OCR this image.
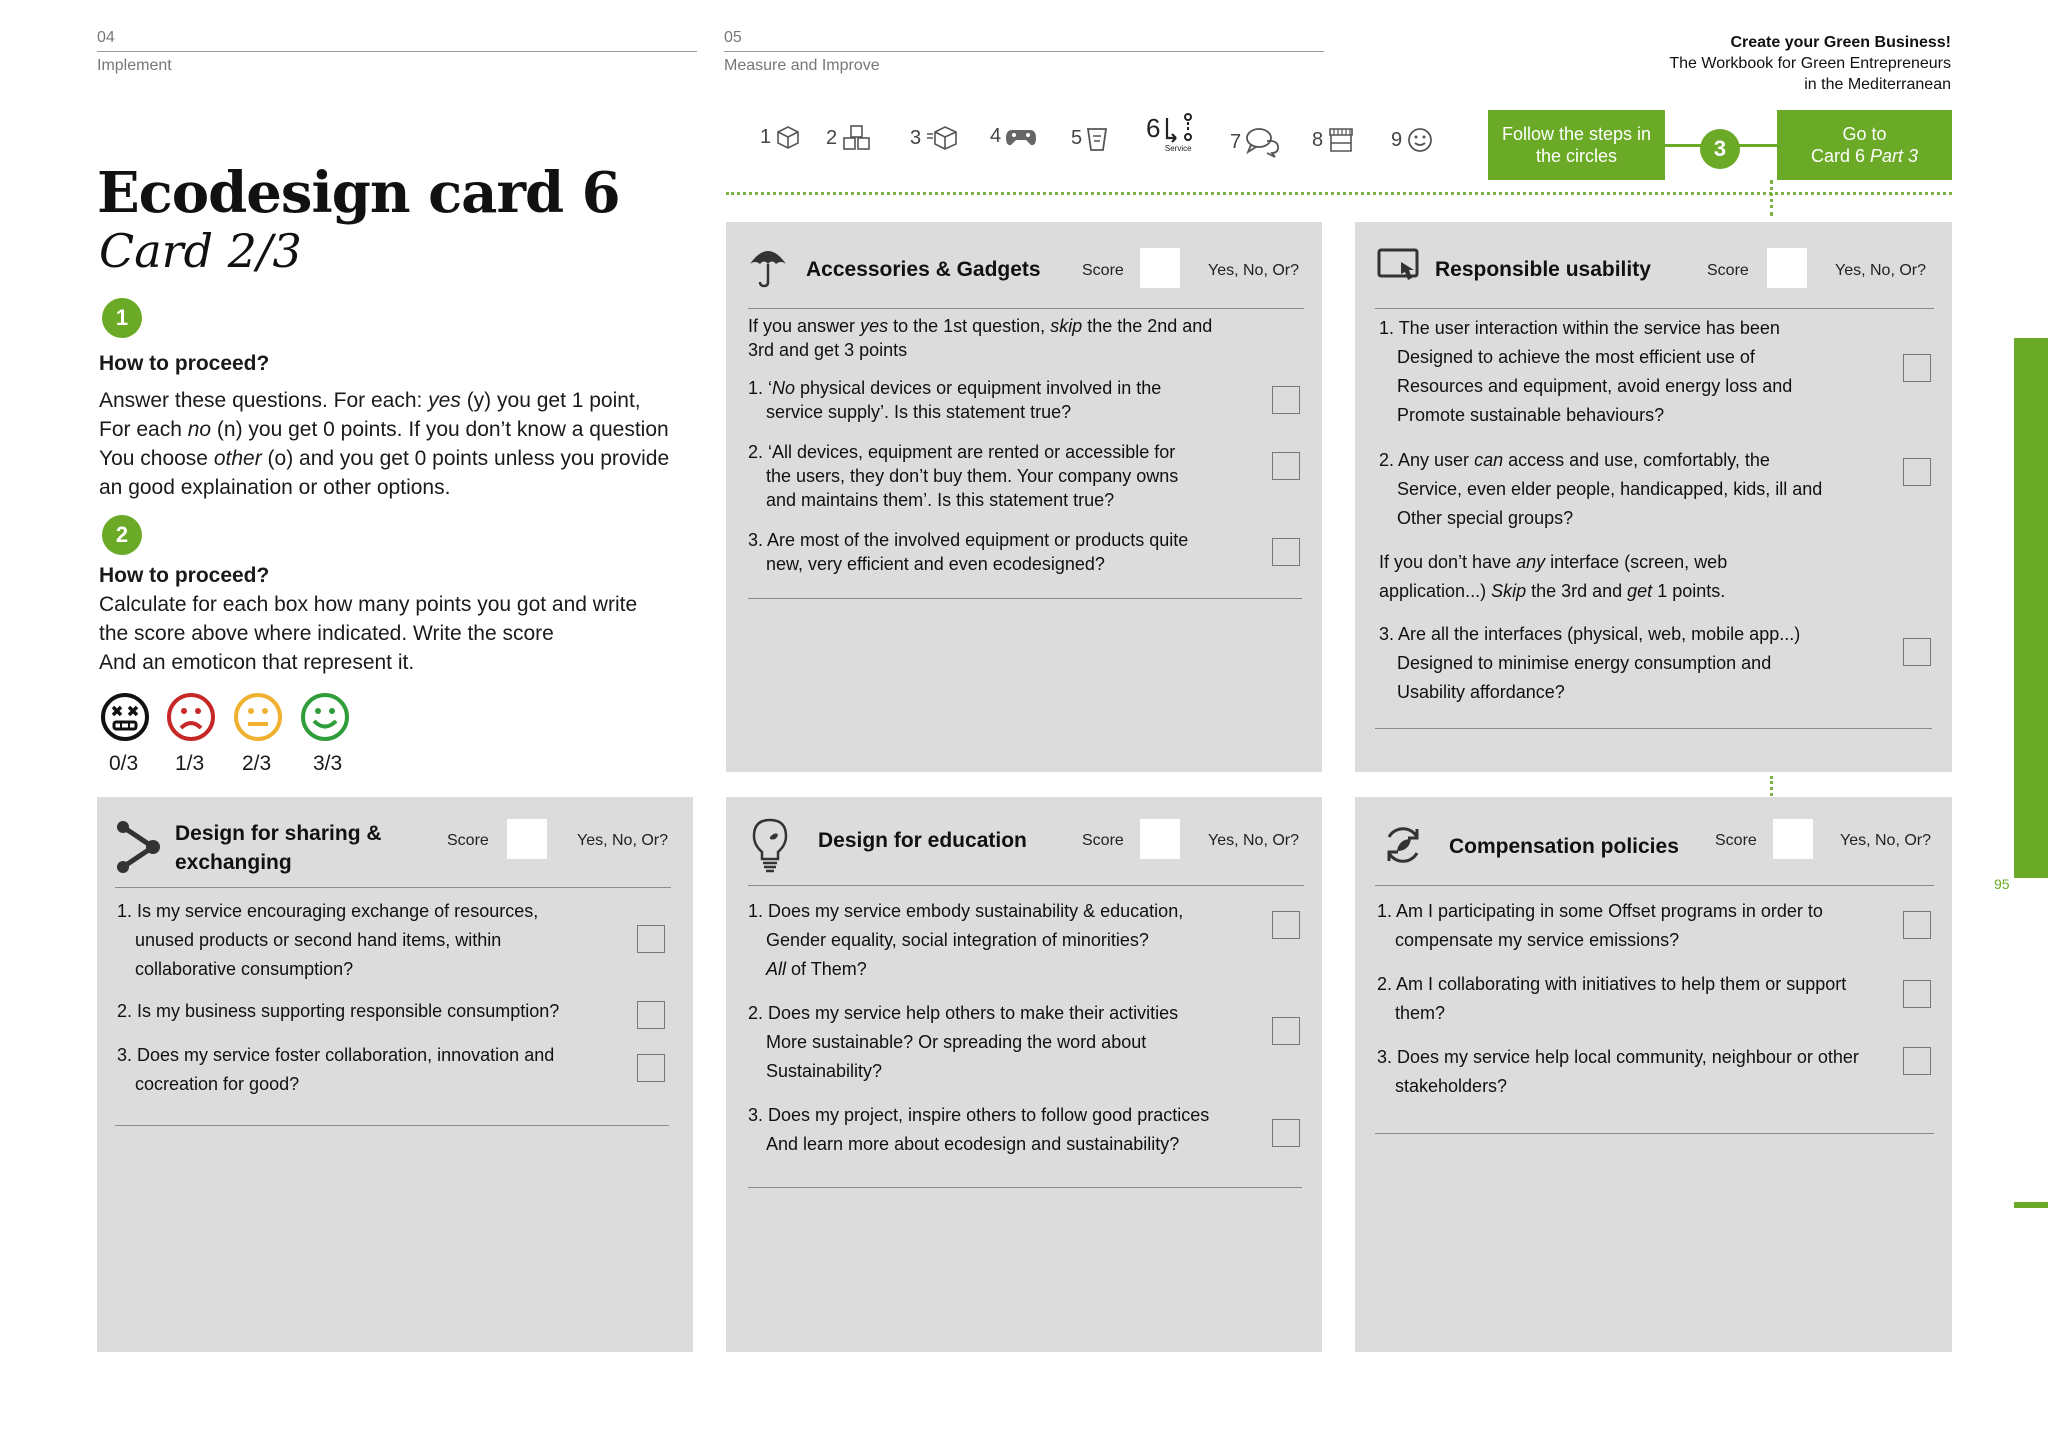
04
Implement
05
Measure and Improve
Create your Green Business!
The Workbook for Green Entrepreneurs
in the Mediterranean
1	2	3	4	5 6
Service 7	8	9	Follow the steps in
the circles	3
Go to
Card 6 Part 3
Ecodesign card 6
Card 2/3
1
How to proceed?
Answer these questions. For each: yes (y) you get 1 point,
For each no (n) you get 0 points. If you don’t know a question
You choose other (o) and you get 0 points unless you provide
an good explaination or other options.
2
How to proceed?
Calculate for each box how many points you got and write
the score above where indicated. Write the score
And an emoticon that represent it.
0/3 1/3 2/3 3/3
Accessories & Gadgets	Score	Yes, No, Or?
If you answer yes to the 1st question, skip the the 2nd and
3rd and get 3 points
1. ‘No physical devices or equipment involved in the
service supply’. Is this statement true?
2. ‘All devices, equipment are rented or accessible for
the users, they don’t buy them. Your company owns
and maintains them’. Is this statement true?
3. Are most of the involved equipment or products quite
new, very efficient and even ecodesigned?
Responsible usability	Score	Yes, No, Or?
1. The user interaction within the service has been
Designed to achieve the most efficient use of
Resources and equipment, avoid energy loss and
Promote sustainable behaviours?
2. Any user can access and use, comfortably, the
Service, even elder people, handicapped, kids, ill and
Other special groups?
If you don’t have any interface (screen, web
application...) Skip the 3rd and get 1 points.
3. Are all the interfaces (physical, web, mobile app...)
Designed to minimise energy consumption and
Usability affordance?
Design for sharing &
exchanging
Score	Yes, No, Or?
1. Is my service encouraging exchange of resources,
unused products or second hand items, within
collaborative consumption?
2. Is my business supporting responsible consumption?
3. Does my service foster collaboration, innovation and
cocreation for good?
Design for education	Score	Yes, No, Or?
1. Does my service embody sustainability & education,
Gender equality, social integration of minorities?
All of Them?
2. Does my service help others to make their activities
More sustainable? Or spreading the word about
Sustainability?
3. Does my project, inspire others to follow good practices
And learn more about ecodesign and sustainability?
Compensation policies Score	Yes, No, Or?
1. Am I participating in some Offset programs in order to
compensate my service emissions?
2. Am I collaborating with initiatives to help them or support
them?
3. Does my service help local community, neighbour or other
stakeholders?
95
